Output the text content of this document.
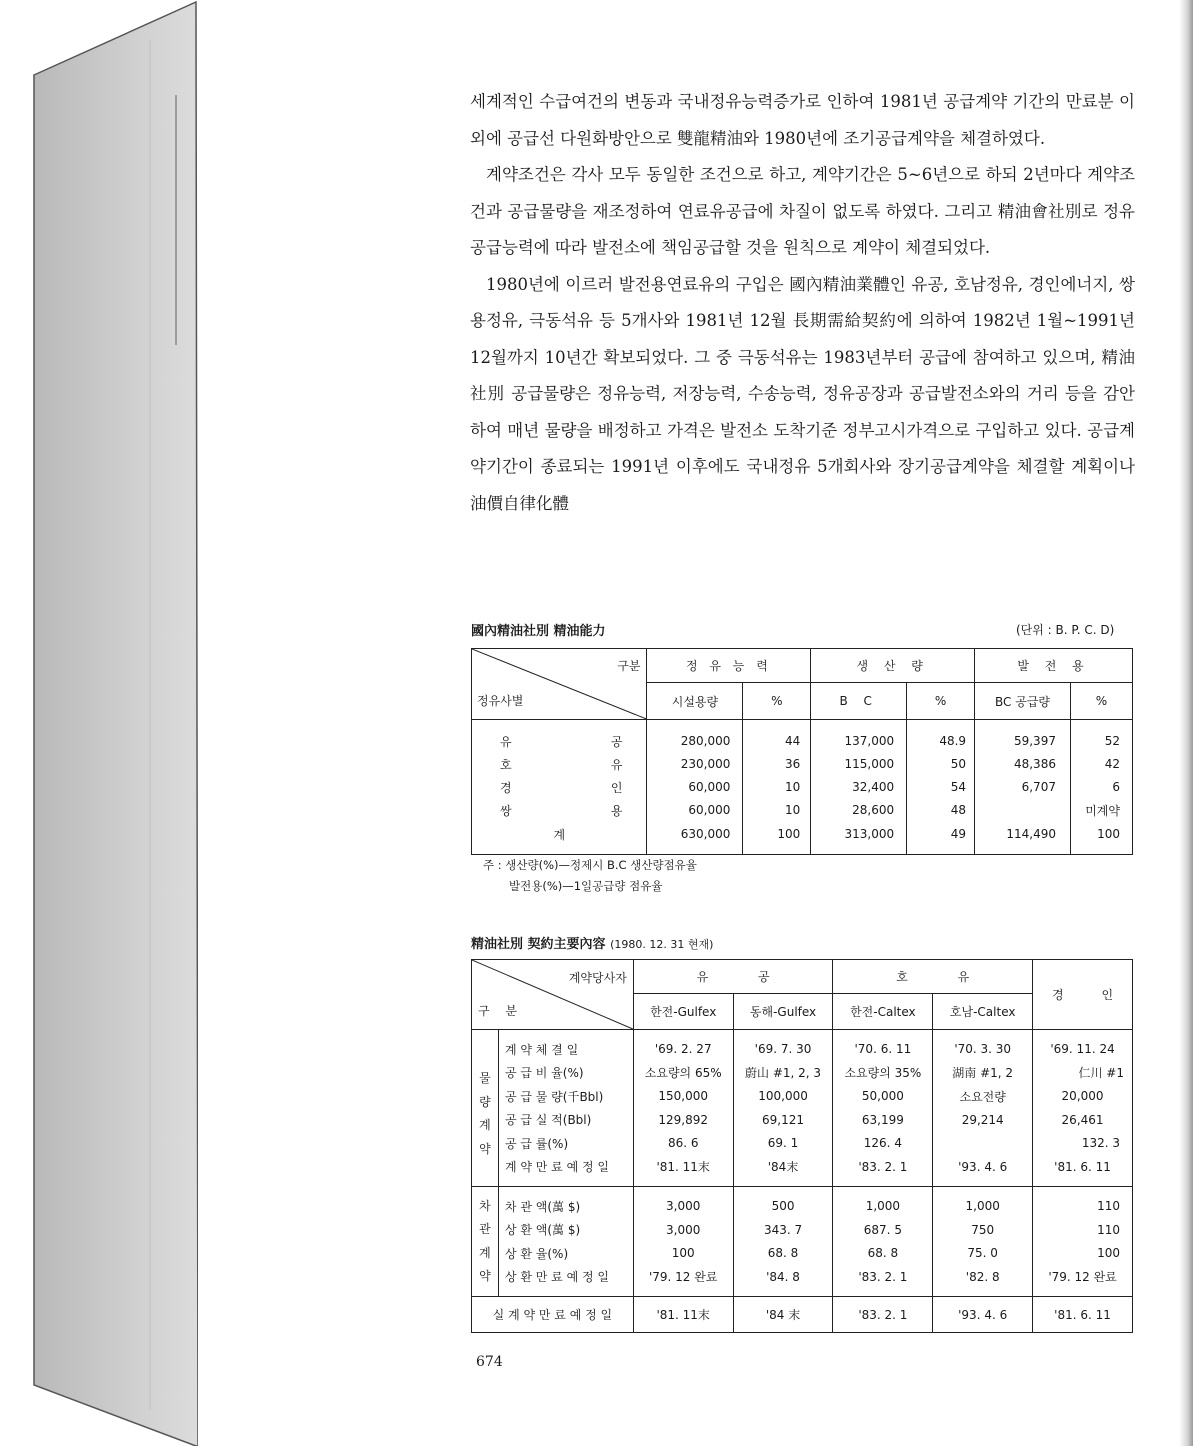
세계적인 수급여건의 변동과 국내정유능력증가로 인하여 1981년 공급계약 기간의 만료분 이외에 공급선 다원화방안으로 雙龍精油와 1980년에 조기공급계약을 체결하였다.

계약조건은 각사 모두 동일한 조건으로 하고, 계약기간은 5~6년으로 하되 2년마다 계약조건과 공급물량을 재조정하여 연료유공급에 차질이 없도록 하였다. 그리고 精油會社別로 정유공급능력에 따라 발전소에 책임공급할 것을 원칙으로 계약이 체결되었다.

1980년에 이르러 발전용연료유의 구입은 國內精油業體인 유공, 호남정유, 경인에너지, 쌍용정유, 극동석유 등 5개사와 1981년 12월 長期需給契約에 의하여 1982년 1월~1991년 12월까지 10년간 확보되었다. 그 중 극동석유는 1983년부터 공급에 참여하고 있으며, 精油社別 공급물량은 정유능력, 저장능력, 수송능력, 정유공장과 공급발전소와의 거리 등을 감안하여 매년 물량을 배정하고 가격은 발전소 도착기준 정부고시가격으로 구입하고 있다. 공급계약기간이 종료되는 1991년 이후에도 국내정유 5개회사와 장기공급계약을 체결할 계획이나 油價自律化體

國內精油社別 精油能力	(단위 : B. P. C. D)
구분
정유사별	정 유 능 력		생 산 량		발 전 용	
	시설용량	%	B C	%	BC 공급량	%

유 공	280,000	44	137,000	48.9	59,397	52

호 유	230,000	36	115,000	50	48,386	42

경 인	60,000	10	32,400	54	6,707	6

쌍 용	60,000	10	28,600	48		미계약
계	630,000	100	313,000	49	114,490	100

주 : 생산량(%)—정제시 B.C 생산량점유율
발전용(%)—1일공급량 점유율
精油社別 契約主要內容 (1980. 12. 31 현재)
계약당사자
구 분		유 공		호 유		경 인
		한전-Gulfex	동해-Gulfex	한전-Caltex	호남-Caltex	

물
량
계
약	계 약 체 결 일	'69. 2. 27	'69. 7. 30	'70. 6. 11	'70. 3. 30	'69. 11. 24
	공 급 비 율(%)	소요량의 65%	蔚山 #1, 2, 3	소요량의 35%	湖南 #1, 2	仁川 #1
	공 급 물 량(千Bbl)	150,000	100,000	50,000	소요전량	20,000
	공 급 실 적(Bbl)	129,892	69,121	63,199	29,214	26,461
	공 급 률(%)	86. 6	69. 1	126. 4		132. 3
	계 약 만 료 예 정 일	'81. 11末	'84末	'83. 2. 1	'93. 4. 6	'81. 6. 11

차
관
계
약	차 관 액(萬 $)	3,000	500	1,000	1,000	110
	상 환 액(萬 $)	3,000	343. 7	687. 5	750	110
	상 환 율(%)	100	68. 8	68. 8	75. 0	100
	상 환 만 료 예 정 일	'79. 12 완료	'84. 8	'83. 2. 1	'82. 8	'79. 12 완료

실 계 약 만 료 예 정 일		'81. 11末	'84 末	'83. 2. 1	'93. 4. 6	'81. 6. 11
674
